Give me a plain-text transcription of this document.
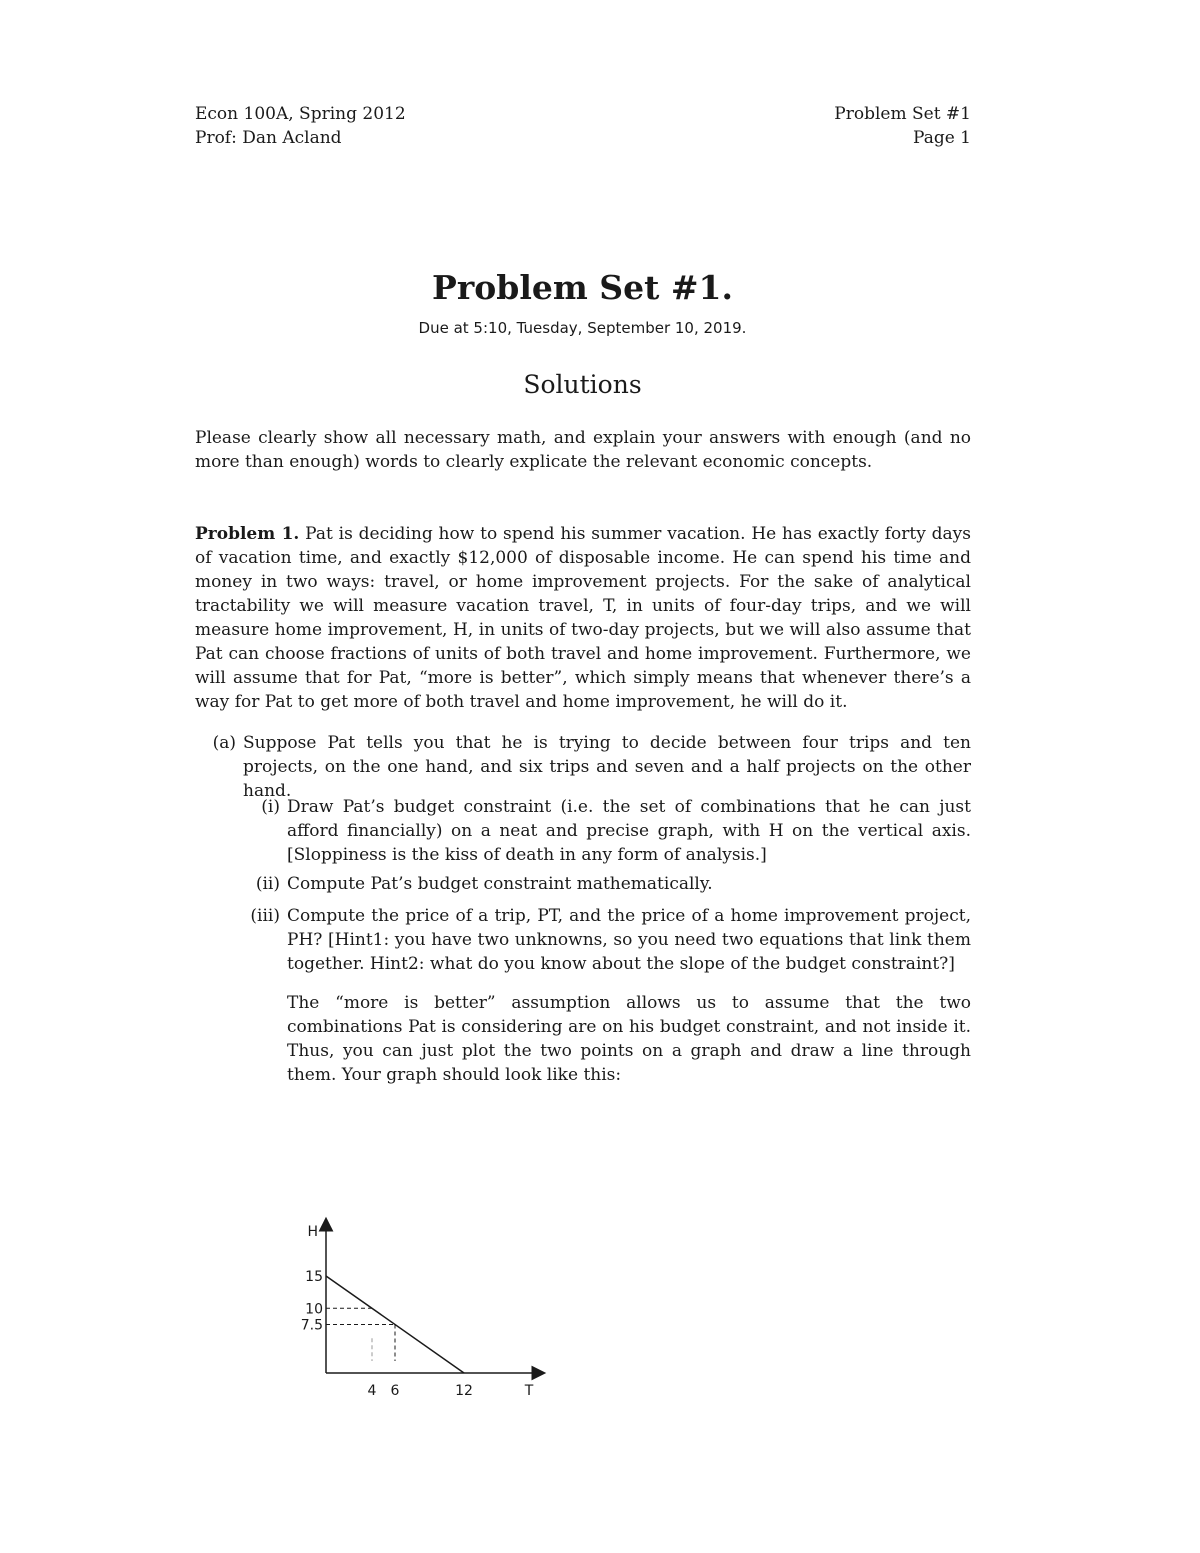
Econ 100A, Spring 2012
Prof: Dan Acland
Problem Set #1
Page 1
Problem Set #1.
Due at 5:10, Tuesday, September 10, 2019.
Solutions
Please clearly show all necessary math, and explain your answers with enough (and no more than enough) words to clearly explicate the relevant economic concepts.
Problem 1. Pat is deciding how to spend his summer vacation. He has exactly forty days of vacation time, and exactly $12,000 of disposable income. He can spend his time and money in two ways: travel, or home improvement projects. For the sake of analytical tractability we will measure vacation travel, T, in units of four-day trips, and we will measure home improvement, H, in units of two-day projects, but we will also assume that Pat can choose fractions of units of both travel and home improvement. Furthermore, we will assume that for Pat, “more is better”, which simply means that whenever there’s a way for Pat to get more of both travel and home improvement, he will do it.
(a) Suppose Pat tells you that he is trying to decide between four trips and ten projects, on the one hand, and six trips and seven and a half projects on the other hand.
(i) Draw Pat’s budget constraint (i.e. the set of combinations that he can just afford financially) on a neat and precise graph, with H on the vertical axis. [Sloppiness is the kiss of death in any form of analysis.]
(ii) Compute Pat’s budget constraint mathematically.
(iii) Compute the price of a trip, PT, and the price of a home improvement project, PH? [Hint1: you have two unknowns, so you need two equations that link them together. Hint2: what do you know about the slope of the budget constraint?]
The “more is better” assumption allows us to assume that the two combinations Pat is considering are on his budget constraint, and not inside it. Thus, you can just plot the two points on a graph and draw a line through them. Your graph should look like this:
H
T
15
10
7.5
4 6	12
